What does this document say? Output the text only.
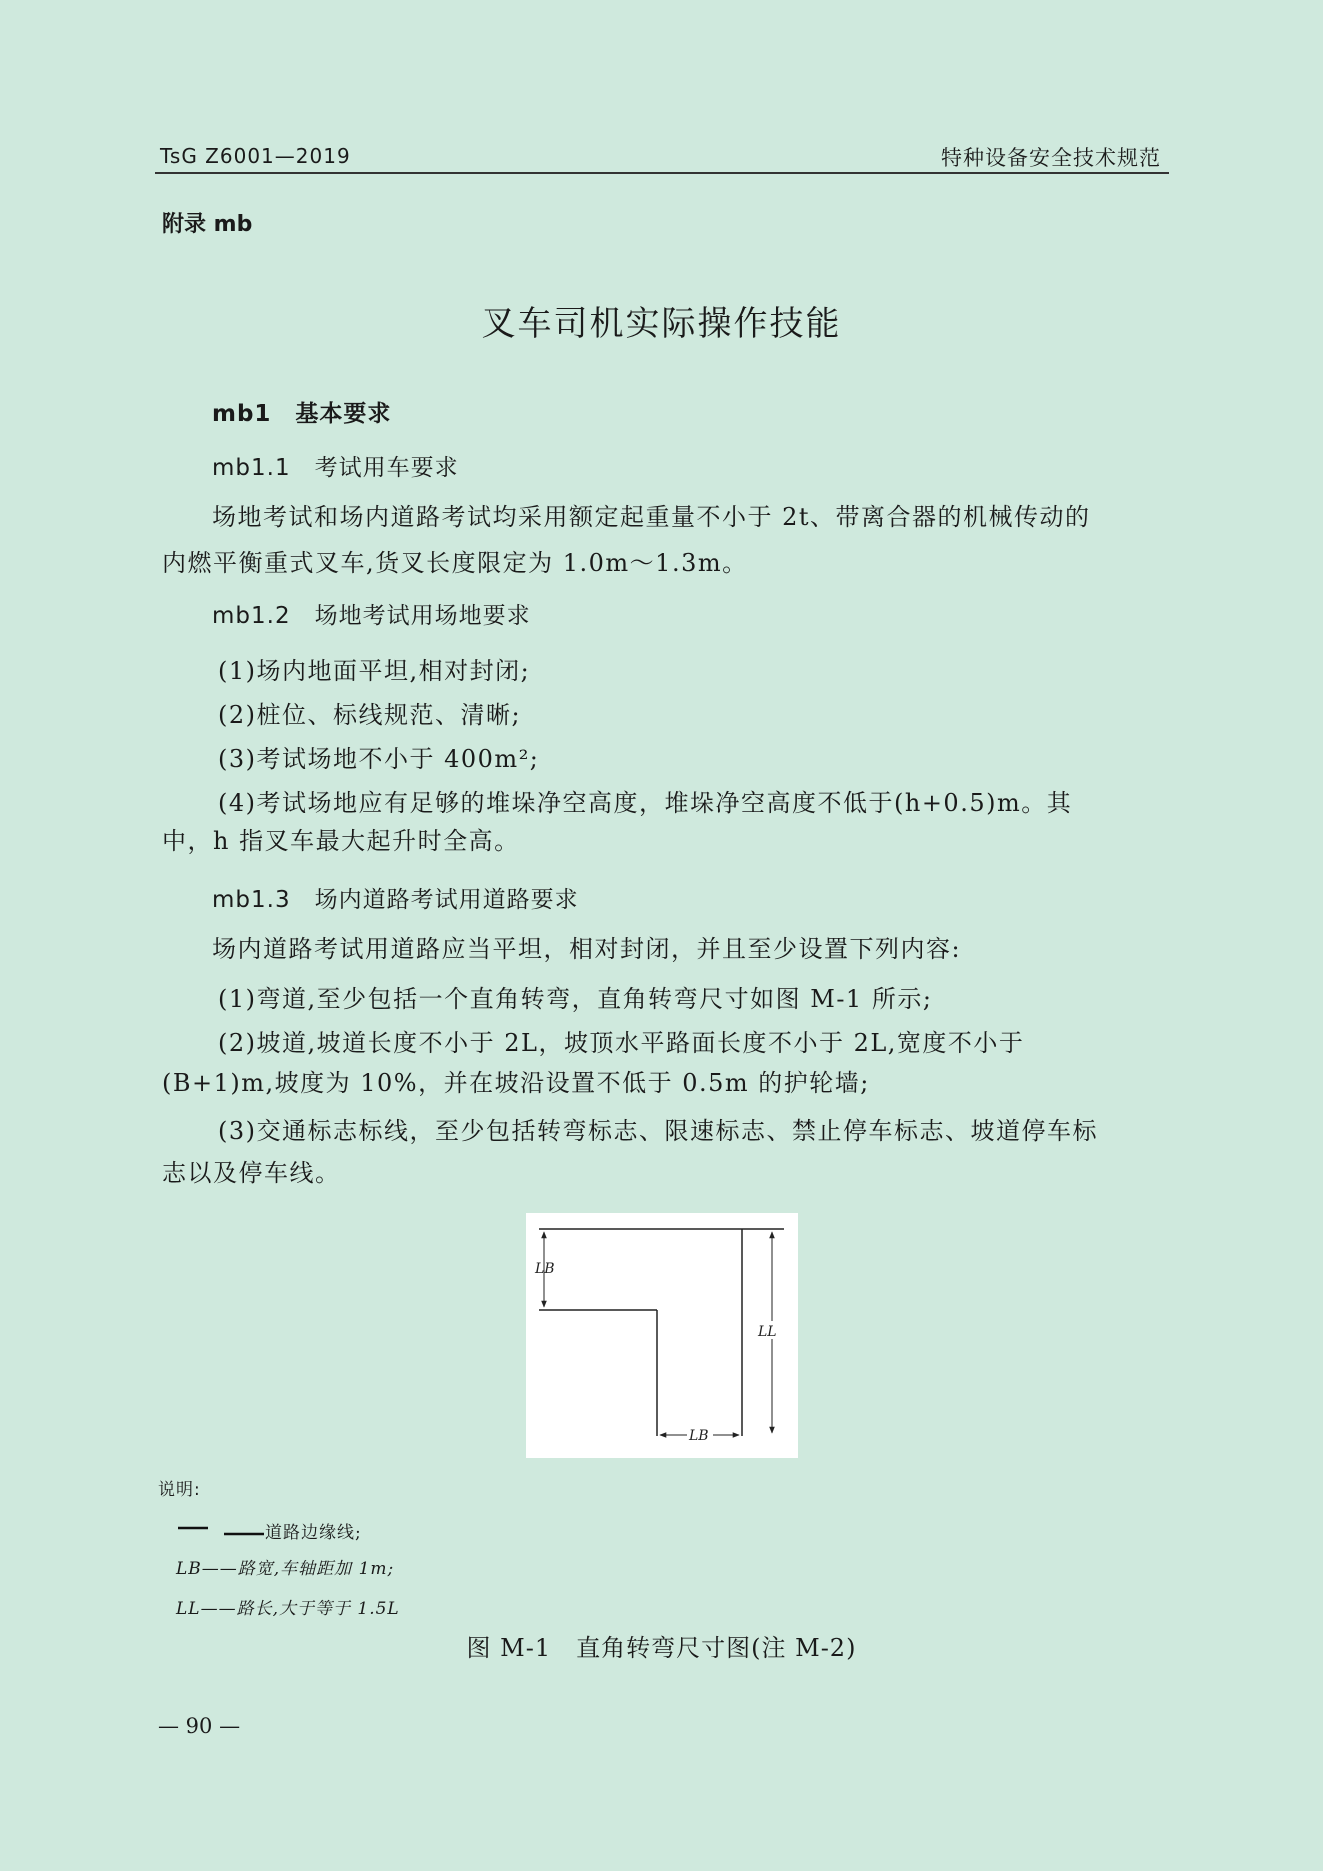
TsG Z6001—2019	特种设备安全技术规范
附录 mb
叉车司机实际操作技能
mb1　基本要求
mb1.1　考试用车要求
场地考试和场内道路考试均采用额定起重量不小于 2t、带离合器的机械传动的
内燃平衡重式叉车,货叉长度限定为 1.0m～1.3m。
mb1.2　场地考试用场地要求
(1)场内地面平坦,相对封闭;
(2)桩位、标线规范、清晰;
(3)考试场地不小于 400m²;
(4)考试场地应有足够的堆垛净空高度，堆垛净空高度不低于(h+0.5)m。其
中，h 指叉车最大起升时全高。
mb1.3　场内道路考试用道路要求
场内道路考试用道路应当平坦，相对封闭，并且至少设置下列内容:
(1)弯道,至少包括一个直角转弯，直角转弯尺寸如图 M-1 所示;
(2)坡道,坡道长度不小于 2L，坡顶水平路面长度不小于 2L,宽度不小于
(B+1)m,坡度为 10%，并在坡沿设置不低于 0.5m 的护轮墙;
(3)交通标志标线，至少包括转弯标志、限速标志、禁止停车标志、坡道停车标
志以及停车线。
LB
LL
LB
说明:
道路边缘线;
LB——路宽,车轴距加 1m;
LL——路长,大于等于 1.5L
图 M-1　直角转弯尺寸图(注 M-2)
— 90 —
